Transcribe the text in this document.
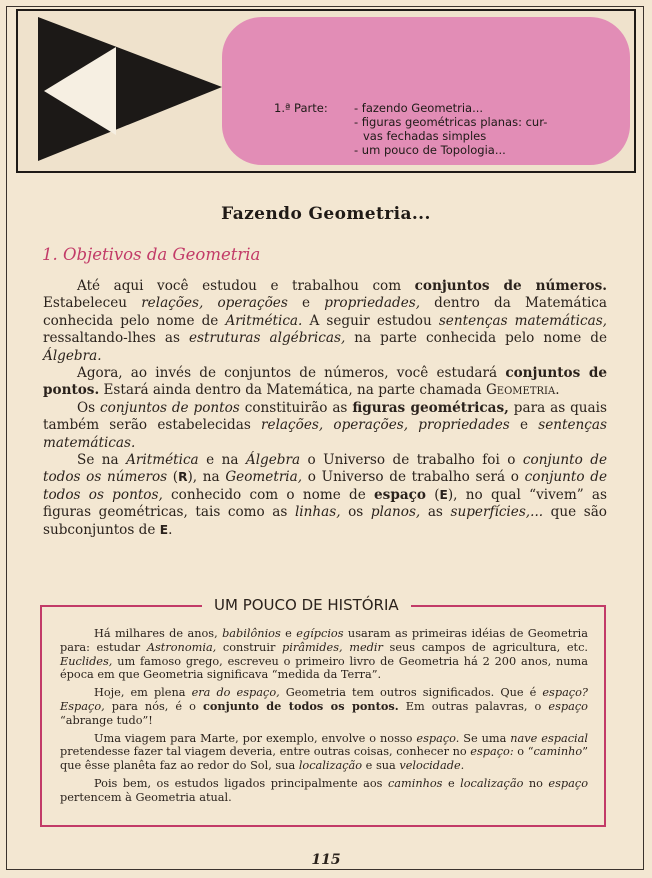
1.ª Parte:	- fazendo Geometria...
- figuras geométricas planas: cur-
vas fechadas simples
- um pouco de Topologia...
Fazendo Geometria...
1. Objetivos da Geometria

Até aqui você estudou e trabalhou com conjuntos de números. Estabeleceu relações, operações e propriedades, dentro da Matemática conhecida pelo nome de Aritmética. A seguir estudou sentenças matemáticas, ressaltando-lhes as estruturas algébricas, na parte conhecida pelo nome de Álgebra.

Agora, ao invés de conjuntos de números, você estudará conjuntos de pontos. Estará ainda dentro da Matemática, na parte chamada Geometria.

Os conjuntos de pontos constituirão as figuras geométricas, para as quais também serão estabelecidas relações, operações, propriedades e sentenças matemáticas.

Se na Aritmética e na Álgebra o Universo de trabalho foi o conjunto de todos os números (R), na Geometria, o Universo de trabalho será o conjunto de todos os pontos, conhecido com o nome de espaço (E), no qual “vivem” as figuras geométricas, tais como as linhas, os planos, as superfícies,... que são subconjuntos de E.

UM POUCO DE HISTÓRIA

Há milhares de anos, babilônios e egípcios usaram as primeiras idéias de Geometria para: estudar Astronomia, construir pirâmides, medir seus campos de agricultura, etc. Euclides, um famoso grego, escreveu o primeiro livro de Geometria há 2 200 anos, numa época em que Geometria significava “medida da Terra”.

Hoje, em plena era do espaço, Geometria tem outros significados. Que é espaço? Espaço, para nós, é o conjunto de todos os pontos. Em outras palavras, o espaço “abrange tudo”!

Uma viagem para Marte, por exemplo, envolve o nosso espaço. Se uma nave espacial pretendesse fazer tal viagem deveria, entre outras coisas, conhecer no espaço: o “caminho” que êsse planêta faz ao redor do Sol, sua localização e sua velocidade.

Pois bem, os estudos ligados principalmente aos caminhos e localização no espaço pertencem à Geometria atual.

115
